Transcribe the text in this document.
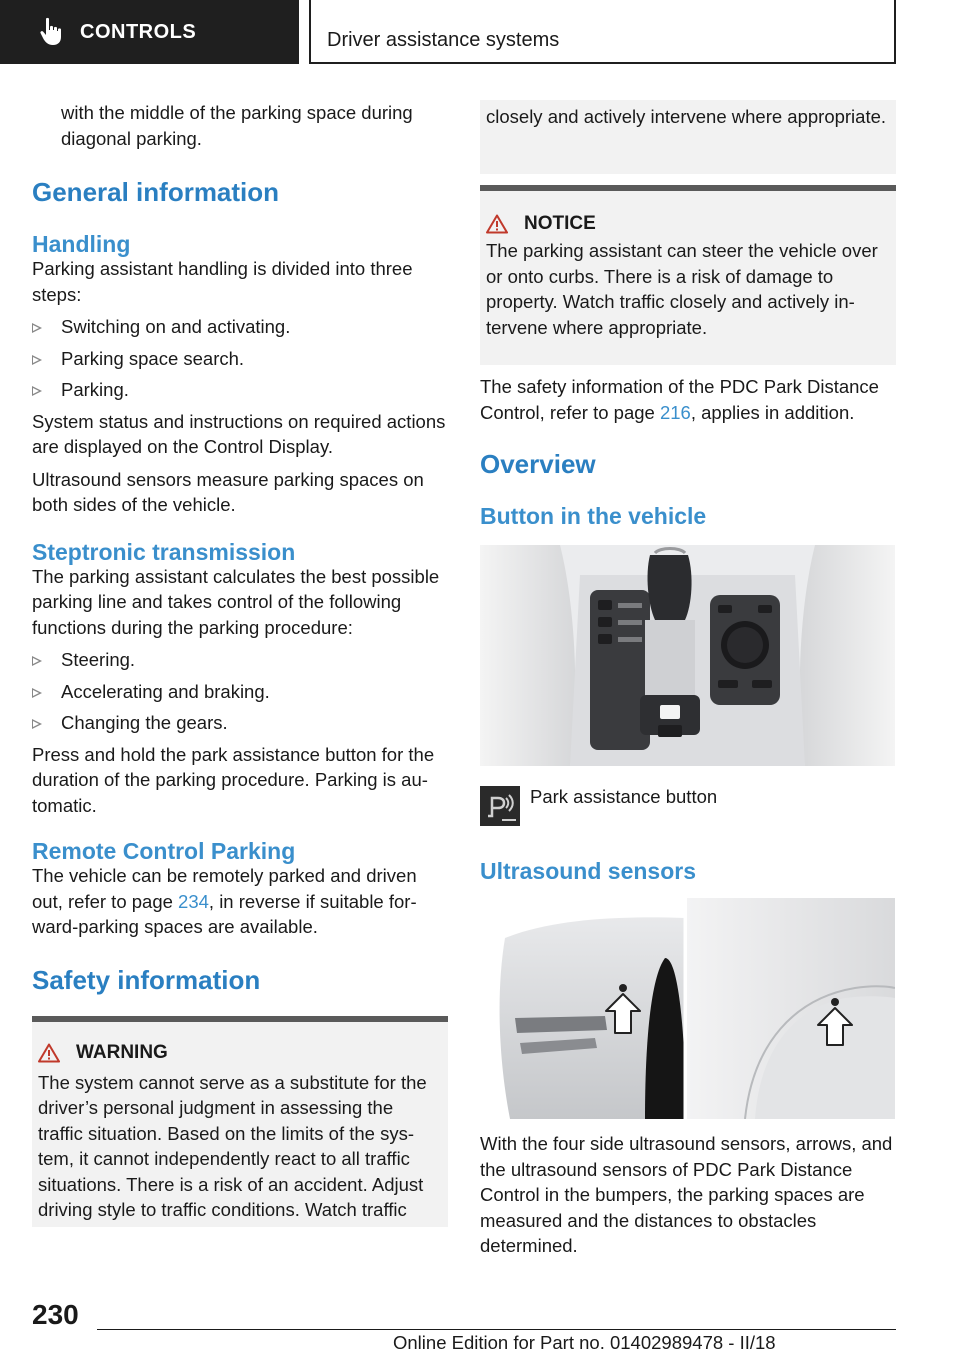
CONTROLS	Driver assistance systems

with the middle of the parking space during diagonal parking.

General information
Handling

Parking assistant handling is divided into three steps:

Switching on and activating.
Parking space search.
Parking.

System status and instructions on required actions are displayed on the Control Display.

Ultrasound sensors measure parking spaces on both sides of the vehicle.

Steptronic transmission

The parking assistant calculates the best possible parking line and takes control of the following functions during the parking procedure:

Steering.
Accelerating and braking.
Changing the gears.

Press and hold the park assistance button for the duration of the parking procedure. Parking is automatic.

Remote Control Parking

The vehicle can be remotely parked and driven out, refer to page 234, in reverse if suitable forward-parking spaces are available.

Safety information
WARNING

The system cannot serve as a substitute for the driver’s personal judgment in assessing the traffic situation. Based on the limits of the system, it cannot independently react to all traffic situations. There is a risk of an accident. Adjust driving style to traffic conditions. Watch traffic

closely and actively intervene where appropriate.

NOTICE

The parking assistant can steer the vehicle over or onto curbs. There is a risk of damage to property. Watch traffic closely and actively intervene where appropriate.

The safety information of the PDC Park Distance Control, refer to page 216, applies in addition.

Overview
Button in the vehicle

Park assistance button

Ultrasound sensors

With the four side ultrasound sensors, arrows, and the ultrasound sensors of PDC Park Distance Control in the bumpers, the parking spaces are measured and the distances to obstacles determined.

230
Online Edition for Part no. 01402989478 - II/18
